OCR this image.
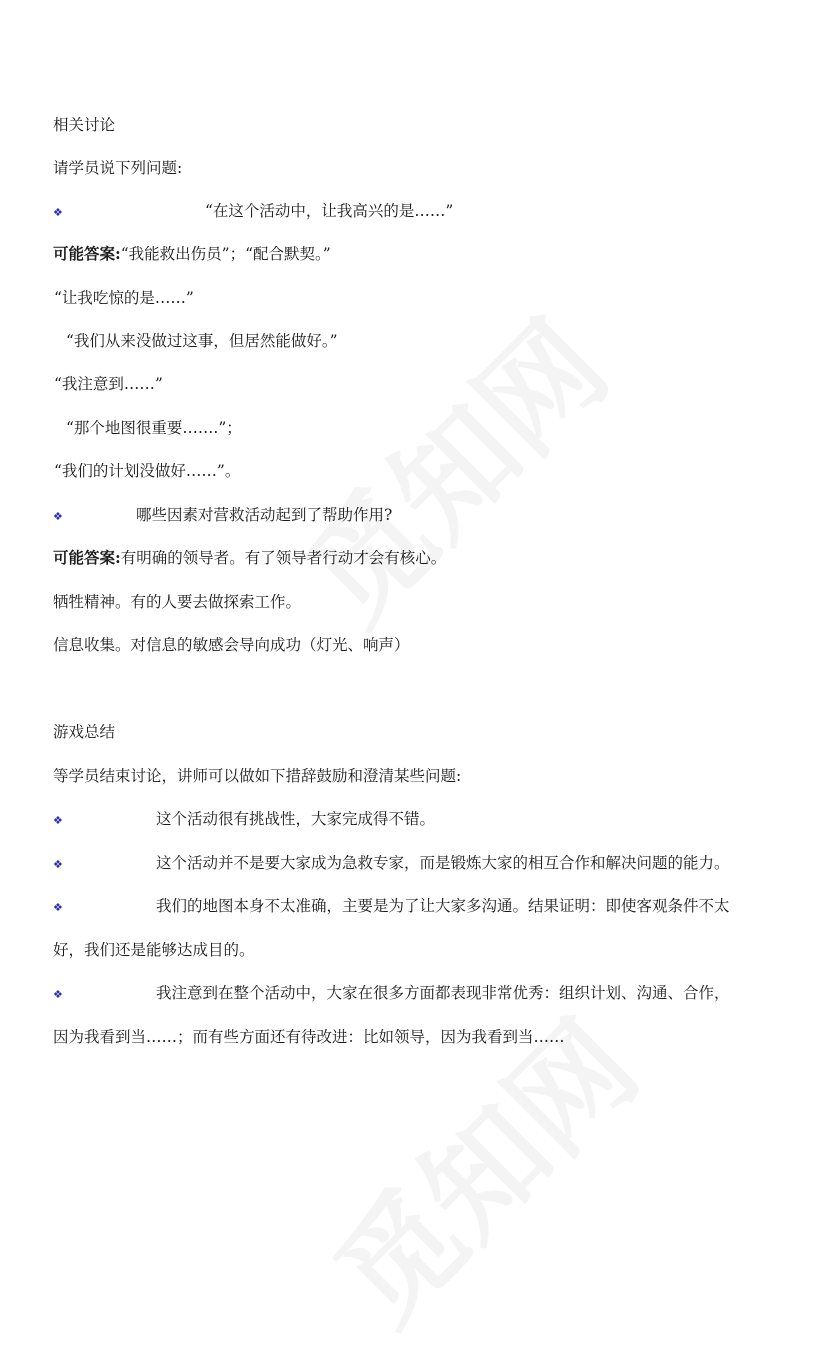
相关讨论
请学员说下列问题:
❖	“在这个活动中，让我高兴的是……”
可能答案:“我能救出伤员”；“配合默契。”
“让我吃惊的是……”
“我们从来没做过这事，但居然能做好。”
“我注意到……”
“那个地图很重要…….”；
“我们的计划没做好……”。
❖	哪些因素对营救活动起到了帮助作用?
可能答案:有明确的领导者。有了领导者行动才会有核心。
牺牲精神。有的人要去做探索工作。
信息收集。对信息的敏感会导向成功（灯光、响声）
游戏总结
等学员结束讨论，讲师可以做如下措辞鼓励和澄清某些问题:
❖	这个活动很有挑战性，大家完成得不错。
❖	这个活动并不是要大家成为急救专家，而是锻炼大家的相互合作和解决问题的能力。
❖	我们的地图本身不太准确，主要是为了让大家多沟通。结果证明：即使客观条件不太
好，我们还是能够达成目的。
❖	我注意到在整个活动中，大家在很多方面都表现非常优秀：组织计划、沟通、合作，
因为我看到当……；而有些方面还有待改进：比如领导，因为我看到当……
